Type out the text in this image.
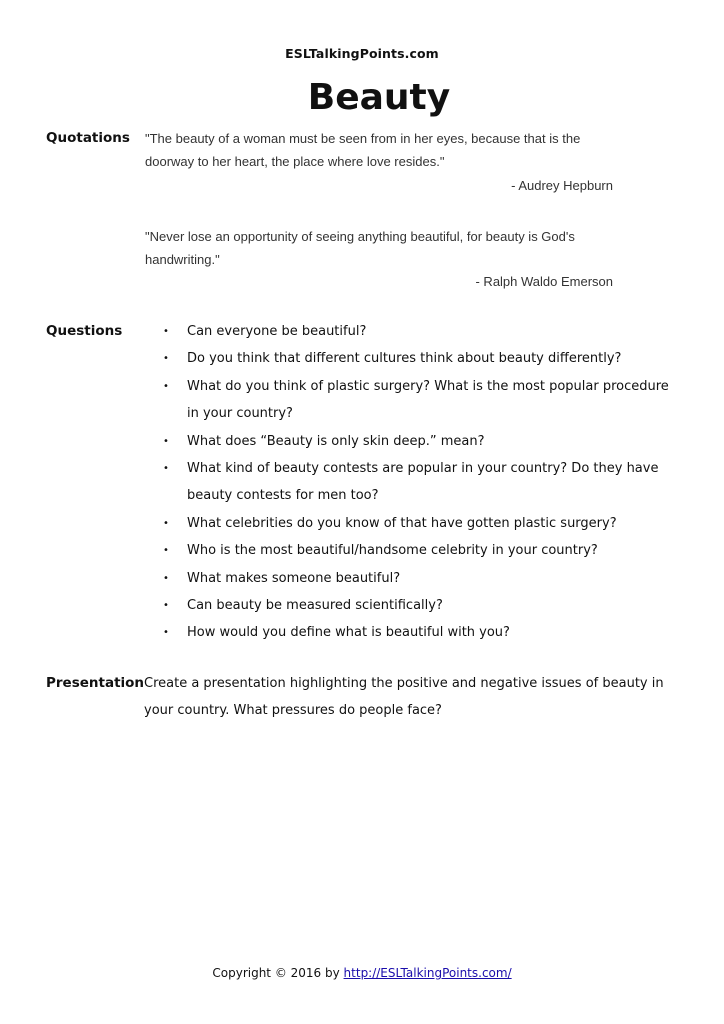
ESLTalkingPoints.com
Beauty
Quotations "The beauty of a woman must be seen from in her eyes, because that is the
doorway to her heart, the place where love resides."

- Audrey Hepburn

"Never lose an opportunity of seeing anything beautiful, for beauty is God's
handwriting."

- Ralph Waldo Emerson

Questions	• Can everyone be beautiful?
• Do you think that different cultures think about beauty differently?
• What do you think of plastic surgery? What is the most popular procedure in your country?
• What does “Beauty is only skin deep.” mean?
• What kind of beauty contests are popular in your country? Do they have beauty contests for men too?
• What celebrities do you know of that have gotten plastic surgery?
• Who is the most beautiful/handsome celebrity in your country?
• What makes someone beautiful?
• Can beauty be measured scientifically?
• How would you define what is beautiful with you?
Presentation Create a presentation highlighting the positive and negative issues of beauty in your country. What pressures do people face?

Copyright © 2016 by http://ESLTalkingPoints.com/
